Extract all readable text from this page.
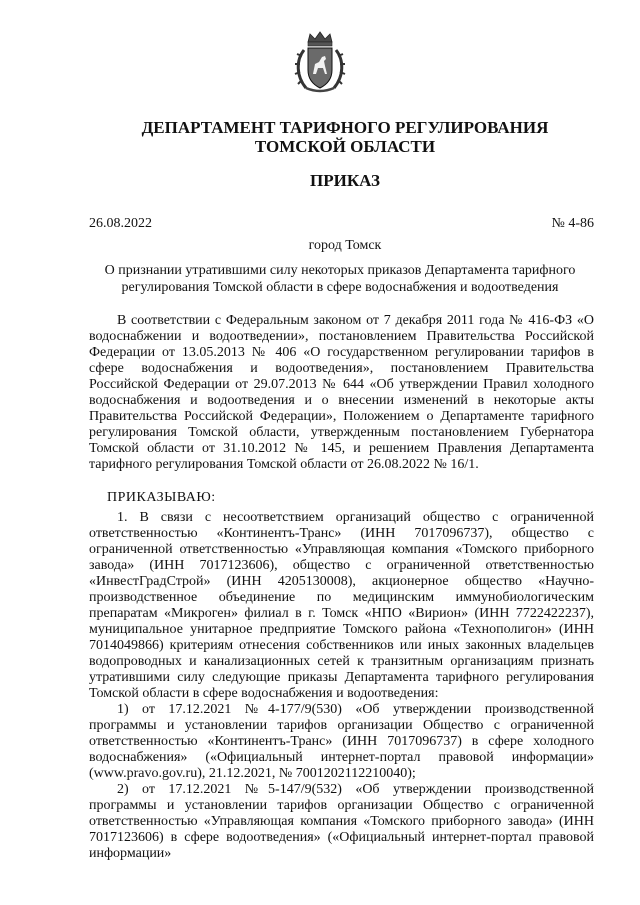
ДЕПАРТАМЕНТ ТАРИФНОГО РЕГУЛИРОВАНИЯ
ТОМСКОЙ ОБЛАСТИ
ПРИКАЗ
26.08.2022	№ 4-86
город Томск
О признании утратившими силу некоторых приказов Департамента тарифного регулирования Томской области в сфере водоснабжения и водоотведения

В соответствии с Федеральным законом от 7 декабря 2011 года № 416-ФЗ «О водоснабжении и водоотведении», постановлением Правительства Российской Федерации от 13.05.2013 № 406 «О государственном регулировании тарифов в сфере водоснабжения и водоотведения», постановлением Правительства Российской Федерации от 29.07.2013 № 644 «Об утверждении Правил холодного водоснабжения и водоотведения и о внесении изменений в некоторые акты Правительства Российской Федерации», Положением о Департаменте тарифного регулирования Томской области, утвержденным постановлением Губернатора Томской области от 31.10.2012 № 145, и решением Правления Департамента тарифного регулирования Томской области от 26.08.2022 № 16/1.

ПРИКАЗЫВАЮ:

1. В связи с несоответствием организаций общество с ограниченной ответственностью «Континентъ-Транс» (ИНН 7017096737), общество с ограниченной ответственностью «Управляющая компания «Томского приборного завода» (ИНН 7017123606), общество с ограниченной ответственностью «ИнвестГрадСтрой» (ИНН 4205130008), акционерное общество «Научно-производственное объединение по медицинским иммунобиологическим препаратам «Микроген» филиал в г. Томск «НПО «Вирион» (ИНН 7722422237), муниципальное унитарное предприятие Томского района «Технополигон» (ИНН 7014049866) критериям отнесения собственников или иных законных владельцев водопроводных и канализационных сетей к транзитным организациям признать утратившими силу следующие приказы Департамента тарифного регулирования Томской области в сфере водоснабжения и водоотведения:

1) от 17.12.2021 №4-177/9(530) «Об утверждении производственной программы и установлении тарифов организации Общество с ограниченной ответственностью «Континентъ-Транс» (ИНН 7017096737) в сфере холодного водоснабжения» («Официальный интернет-портал правовой информации» (www.pravo.gov.ru), 21.12.2021, № 7001202112210040);

2) от 17.12.2021 №5-147/9(532) «Об утверждении производственной программы и установлении тарифов организации Общество с ограниченной ответственностью «Управляющая компания «Томского приборного завода» (ИНН 7017123606) в сфере водоотведения» («Официальный интернет-портал правовой информации»
